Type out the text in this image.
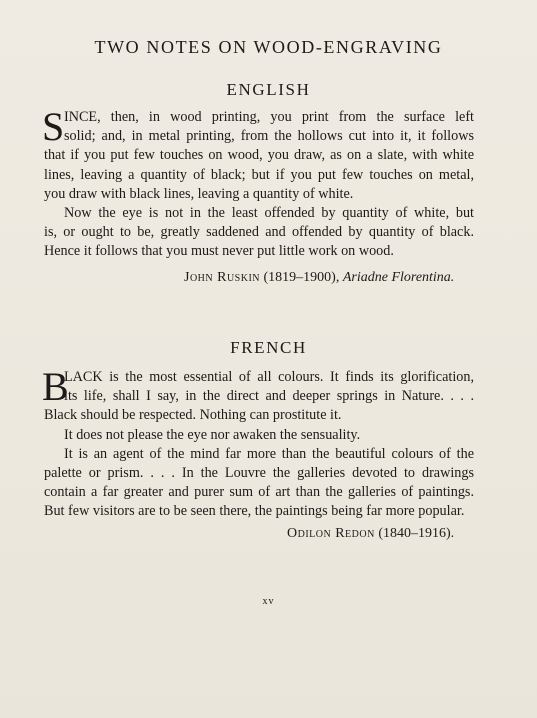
TWO NOTES ON WOOD-ENGRAVING
ENGLISH
S INCE, then, in wood printing, you print from the surface left
solid; and, in metal printing, from the hollows cut into it, it follows
that if you put few touches on wood, you draw, as on a slate, with white
lines, leaving a quantity of black; but if you put few touches on metal,
you draw with black lines, leaving a quantity of white.
Now the eye is not in the least offended by quantity of white, but
is, or ought to be, greatly saddened and offended by quantity of black.
Hence it follows that you must never put little work on wood.
John Ruskin (1819–1900), Ariadne Florentina.
FRENCH
B
LACK is the most essential of all colours. It finds its glorification,
its life, shall I say, in the direct and deeper springs in Nature. . . .
Black should be respected. Nothing can prostitute it.
It does not please the eye nor awaken the sensuality.
It is an agent of the mind far more than the beautiful colours of the
palette or prism. . . . In the Louvre the galleries devoted to drawings
contain a far greater and purer sum of art than the galleries of paintings.
But few visitors are to be seen there, the paintings being far more popular.
Odilon Redon (1840–1916).
xv
